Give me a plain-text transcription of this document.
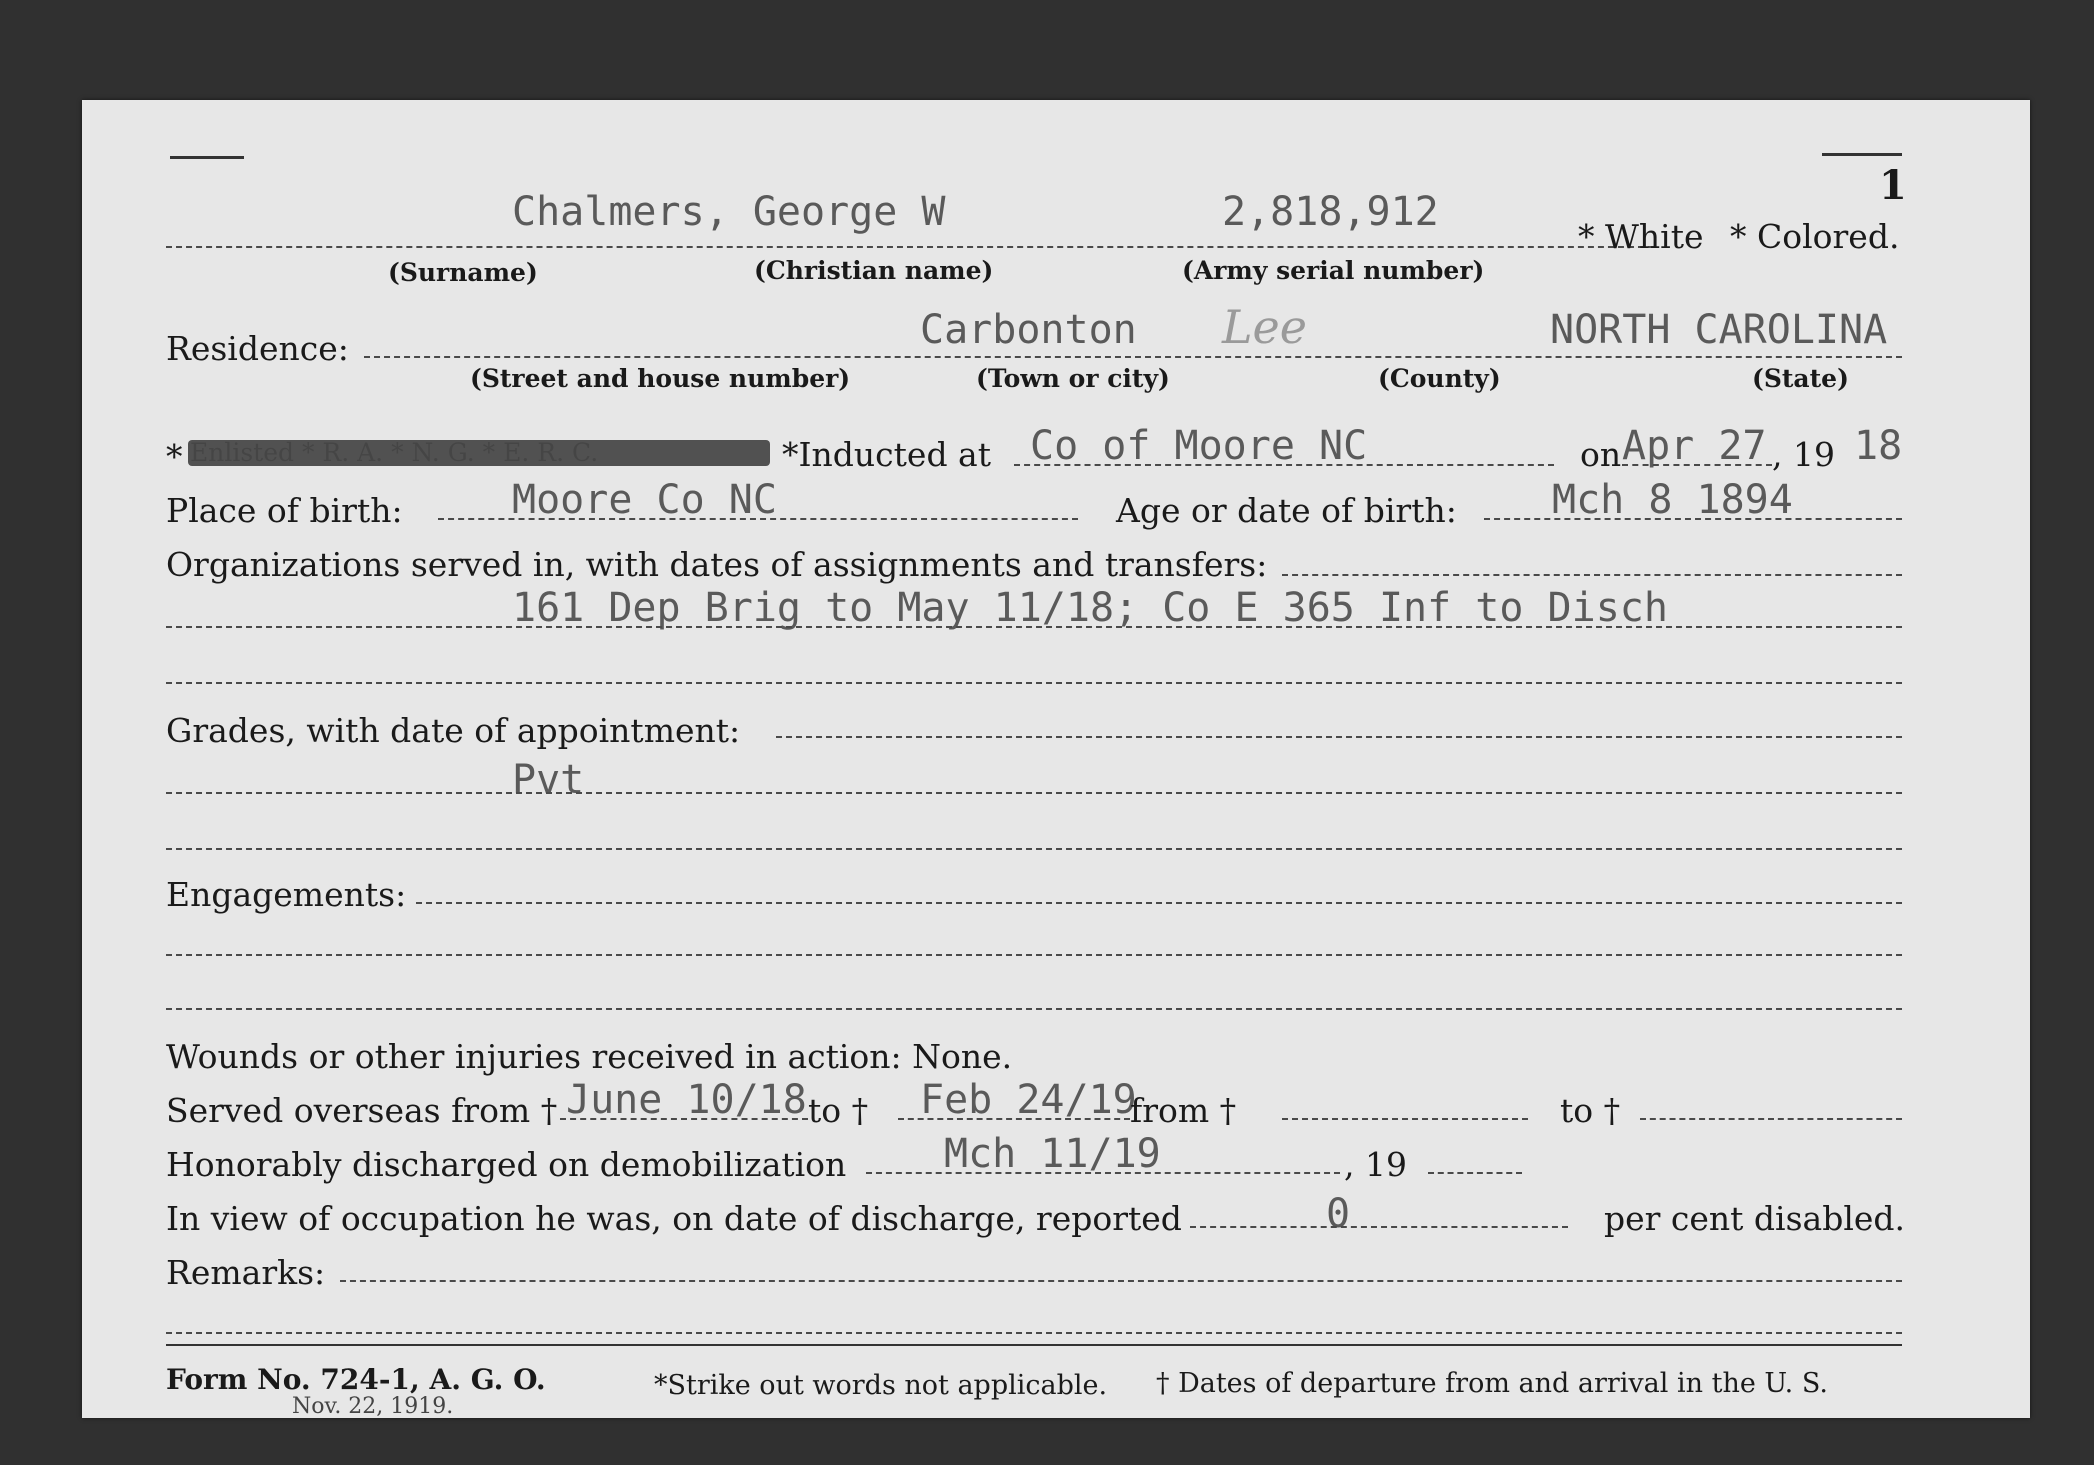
1
Chalmers, George W	2,818,912
* White * Colored.
(Surname)	(Christian name)	(Army serial number)
Residence:	Carbonton Lee	NORTH CAROLINA
(Street and house number)	(Town or city)	(County)	(State)
*	*Inducted at Co of Moore NC	on Apr 27 , 19 18
Place of birth:	Moore Co NC	Age or date of birth: Mch 8 1894
Organizations served in, with dates of assignments and transfers:
161 Dep Brig to May 11/18; Co E 365 Inf to Disch
Grades, with date of appointment:
Pvt
Engagements:
Wounds or other injuries received in action: None.
Served overseas from † June 10/18 to † Feb 24/19
from †	to †
Honorably discharged on demobilization Mch 11/19	, 19
In view of occupation he was, on date of discharge, reported	0	per cent disabled.
Remarks:
Form No. 724-1, A. G. O.
Nov. 22, 1919.
*Strike out words not applicable. † Dates of departure from and arrival in the U. S.
